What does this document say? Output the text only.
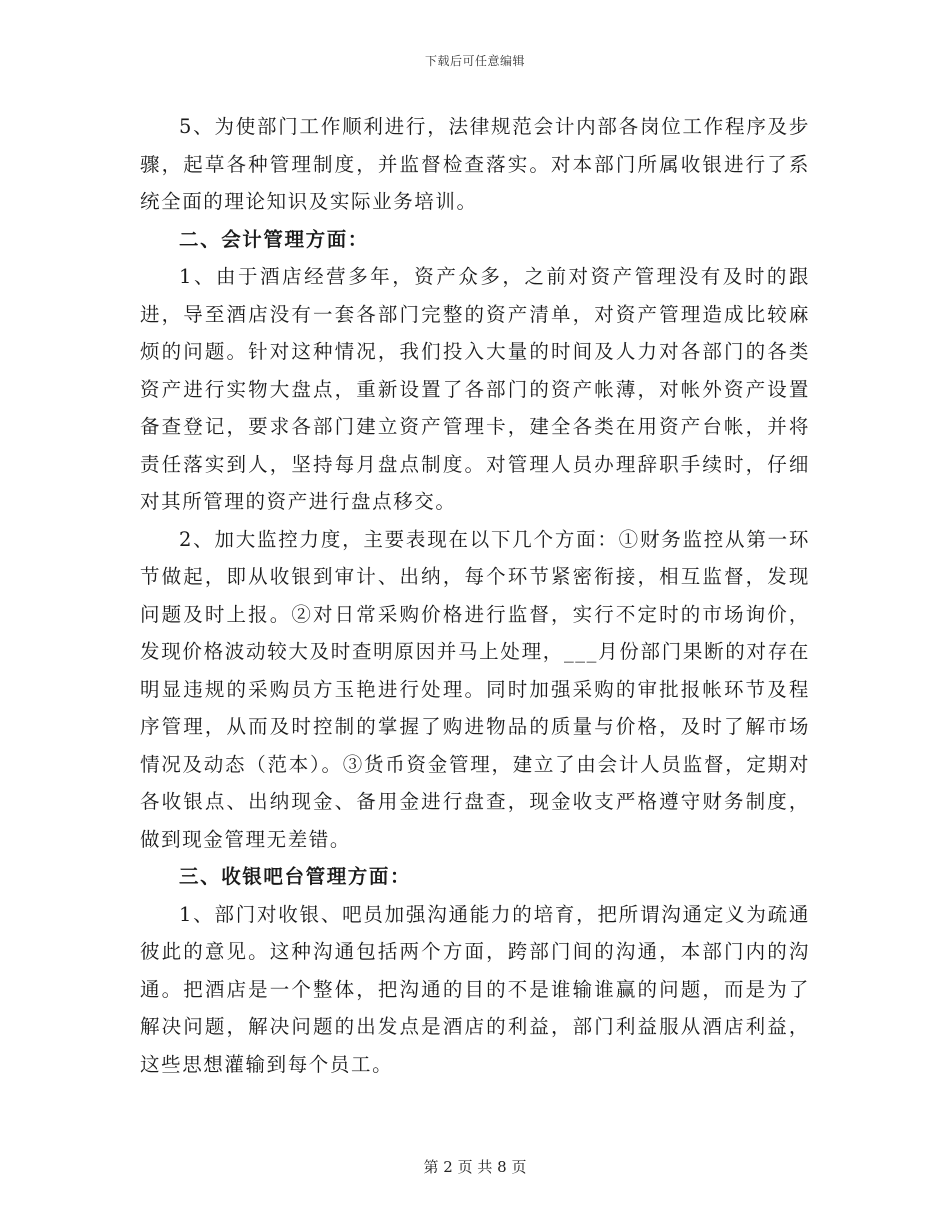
下载后可任意编辑

5、为使部门工作顺利进行，法律规范会计内部各岗位工作程序及步骤，起草各种管理制度，并监督检查落实。对本部门所属收银进行了系统全面的理论知识及实际业务培训。

二、会计管理方面：

1、由于酒店经营多年，资产众多，之前对资产管理没有及时的跟进，导至酒店没有一套各部门完整的资产清单，对资产管理造成比较麻烦的问题。针对这种情况，我们投入大量的时间及人力对各部门的各类资产进行实物大盘点，重新设置了各部门的资产帐薄，对帐外资产设置备查登记，要求各部门建立资产管理卡，建全各类在用资产台帐，并将责任落实到人，坚持每月盘点制度。对管理人员办理辞职手续时，仔细对其所管理的资产进行盘点移交。

2、加大监控力度，主要表现在以下几个方面：①财务监控从第一环节做起，即从收银到审计、出纳，每个环节紧密衔接，相互监督，发现问题及时上报。②对日常采购价格进行监督，实行不定时的市场询价，发现价格波动较大及时查明原因并马上处理，___月份部门果断的对存在明显违规的采购员方玉艳进行处理。同时加强采购的审批报帐环节及程序管理，从而及时控制的掌握了购进物品的质量与价格，及时了解市场情况及动态（范本）。③货币资金管理，建立了由会计人员监督，定期对各收银点、出纳现金、备用金进行盘查，现金收支严格遵守财务制度，做到现金管理无差错。

三、收银吧台管理方面：

1、部门对收银、吧员加强沟通能力的培育，把所谓沟通定义为疏通彼此的意见。这种沟通包括两个方面，跨部门间的沟通，本部门内的沟通。把酒店是一个整体，把沟通的目的不是谁输谁赢的问题，而是为了解决问题，解决问题的出发点是酒店的利益，部门利益服从酒店利益，这些思想灌输到每个员工。

第 2 页 共 8 页
